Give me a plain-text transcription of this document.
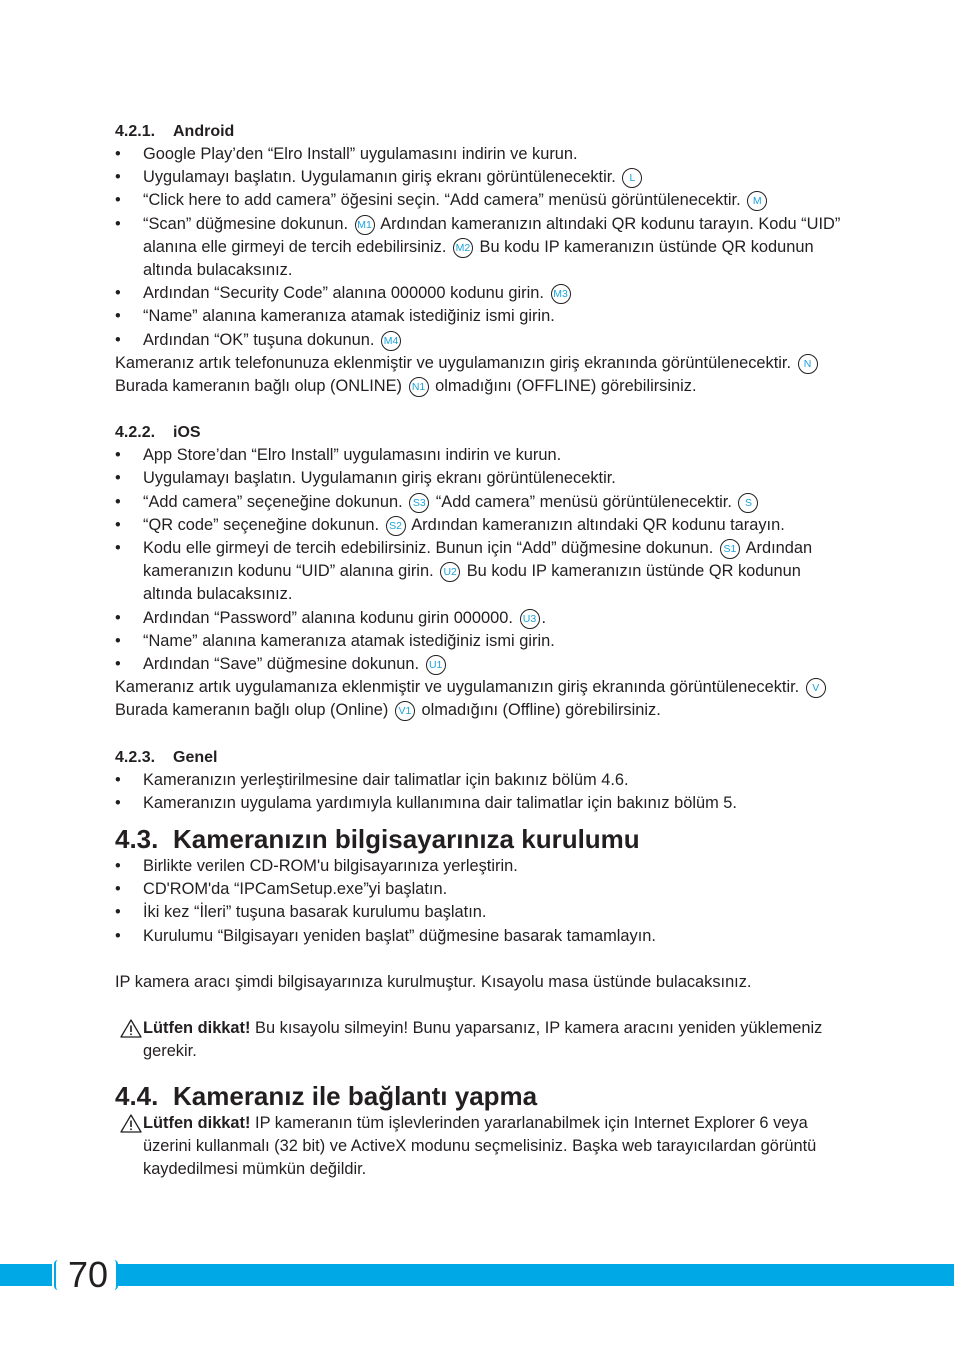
4.2.1. Android

• Google Play’den “Elro Install” uygulamasını indirin ve kurun.
• Uygulamayı başlatın. Uygulamanın giriş ekranı görüntülenecektir. L
• “Click here to add camera” öğesini seçin. “Add camera” menüsü görüntülenecektir. M
• “Scan” düğmesine dokunun. M1 Ardından kameranızın altındaki QR kodunu tarayın. Kodu “UID” alanına elle girmeyi de tercih edebilirsiniz. M2 Bu kodu IP kameranızın üstünde QR kodunun altında bulacaksınız.
• Ardından “Security Code” alanına 000000 kodunu girin. M3
• “Name” alanına kameranıza atamak istediğiniz ismi girin.
• Ardından “OK” tuşuna dokunun. M4

Kameranız artık telefonunuza eklenmiştir ve uygulamanızın giriş ekranında görüntülenecektir. N Burada kameranın bağlı olup (ONLINE) N1 olmadığını (OFFLINE) görebilirsiniz.

4.2.2. iOS

• App Store’dan “Elro Install” uygulamasını indirin ve kurun.
• Uygulamayı başlatın. Uygulamanın giriş ekranı görüntülenecektir.
• “Add camera” seçeneğine dokunun. S3 “Add camera” menüsü görüntülenecektir. S
• “QR code” seçeneğine dokunun. S2 Ardından kameranızın altındaki QR kodunu tarayın.
• Kodu elle girmeyi de tercih edebilirsiniz. Bunun için “Add” düğmesine dokunun. S1 Ardından kameranızın kodunu “UID” alanına girin. U2 Bu kodu IP kameranızın üstünde QR kodunun altında bulacaksınız.
• Ardından “Password” alanına kodunu girin 000000. U3 .
• “Name” alanına kameranıza atamak istediğiniz ismi girin.
• Ardından “Save” düğmesine dokunun. U1

Kameranız artık uygulamanıza eklenmiştir ve uygulamanızın giriş ekranında görüntülenecektir. V Burada kameranın bağlı olup (Online) V1 olmadığını (Offline) görebilirsiniz.

4.2.3. Genel

• Kameranızın yerleştirilmesine dair talimatlar için bakınız bölüm 4.6.
• Kameranızın uygulama yardımıyla kullanımına dair talimatlar için bakınız bölüm 5.
4.3. Kameranızın bilgisayarınıza kurulumu
• Birlikte verilen CD-ROM'u bilgisayarınıza yerleştirin.
• CD'ROM'da “IPCamSetup.exe”yi başlatın.
• İki kez “İleri” tuşuna basarak kurulumu başlatın.
• Kurulumu “Bilgisayarı yeniden başlat” düğmesine basarak tamamlayın.

IP kamera aracı şimdi bilgisayarınıza kurulmuştur. Kısayolu masa üstünde bulacaksınız.

Lütfen dikkat! Bu kısayolu silmeyin! Bunu yaparsanız, IP kamera aracını yeniden yüklemeniz gerekir.
4.4. Kameranız ile bağlantı yapma
Lütfen dikkat! IP kameranın tüm işlevlerinden yararlanabilmek için Internet Explorer 6 veya üzerini kullanmalı (32 bit) ve ActiveX modunu seçmelisiniz. Başka web tarayıcılardan görüntü kaydedilmesi mümkün değildir.
70
